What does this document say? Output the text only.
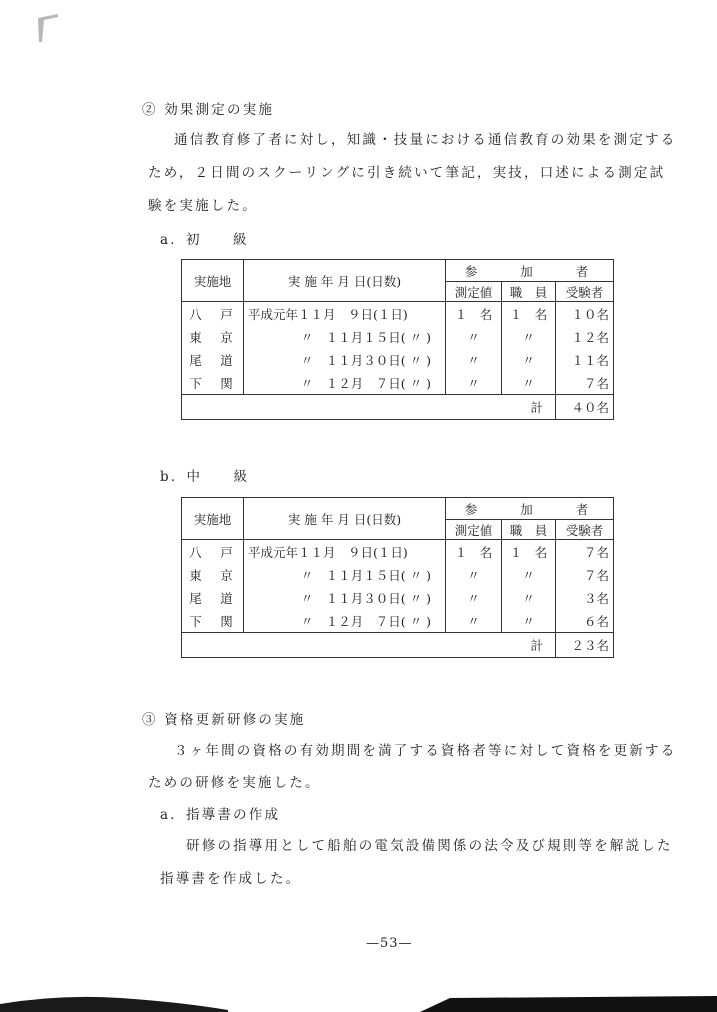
② 効果測定の実施
通信教育修了者に対し，知識・技量における通信教育の効果を測定する
ため，２日間のスクーリングに引き続いて筆記，実技，口述による測定試
験を実施した。
a．初　　級
実施地	実 施 年 月 日(日数)	参　　加　　者		
		測定値	職　員	受験者
八　戸	平成元年１１月　９日(１日)	１　名	１　名	１０名
東　京	〃　１１月１５日( 〃 )	〃	〃	１２名
尾　道	〃　１１月３０日( 〃 )	〃	〃	１１名
下　関	〃　１２月　７日( 〃 )	〃	〃	７名
計				４０名
b．中　　級
実施地	実 施 年 月 日(日数)	参　　加　　者		
		測定値	職　員	受験者
八　戸	平成元年１１月　９日(１日)	１　名	１　名	７名
東　京	〃　１１月１５日( 〃 )	〃	〃	７名
尾　道	〃　１１月３０日( 〃 )	〃	〃	３名
下　関	〃　１２月　７日( 〃 )	〃	〃	６名
計				２３名
③ 資格更新研修の実施
３ヶ年間の資格の有効期間を満了する資格者等に対して資格を更新する
ための研修を実施した。
a．指導書の作成
研修の指導用として船舶の電気設備関係の法令及び規則等を解説した
指導書を作成した。
—53—
